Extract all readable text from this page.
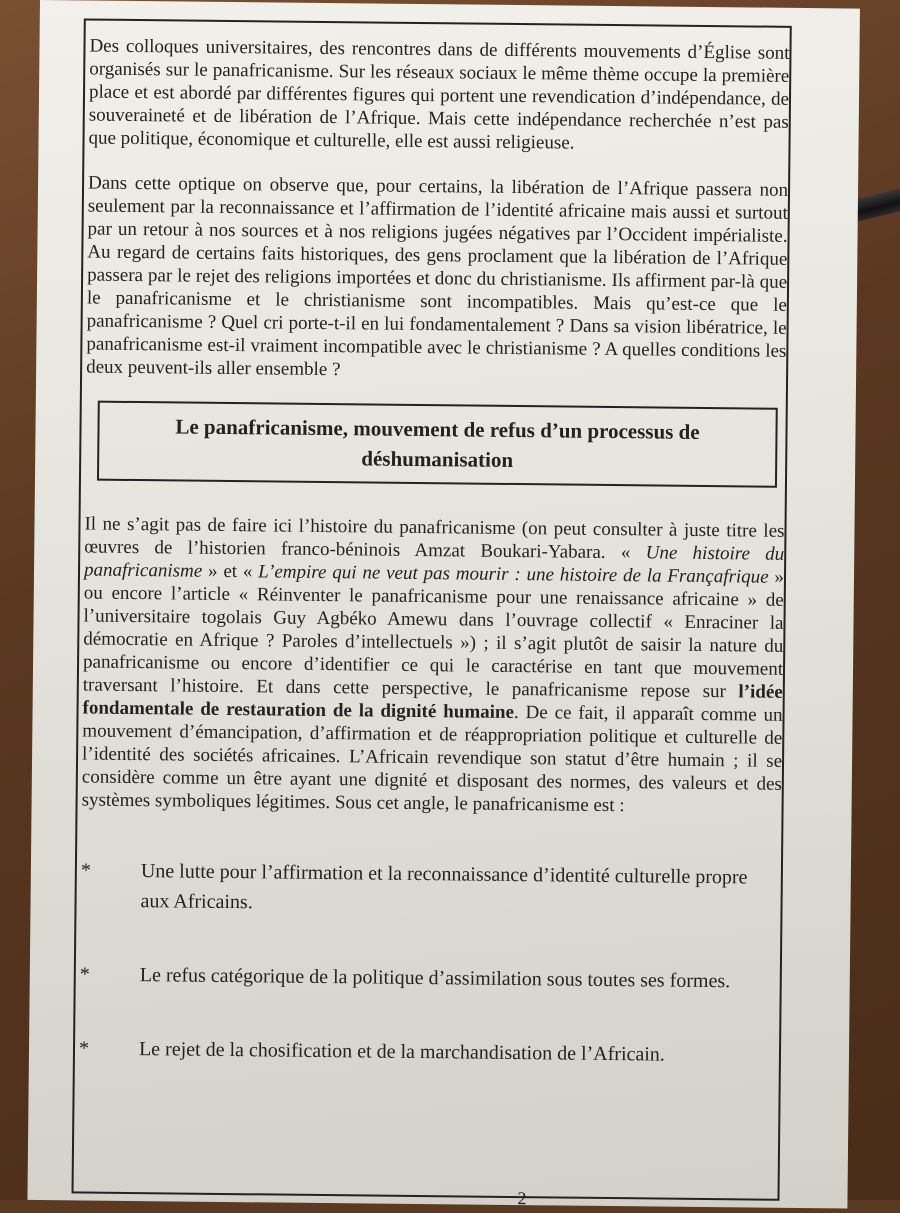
Des colloques universitaires, des rencontres dans de différents mouvements d’Église sont organisés sur le panafricanisme. Sur les réseaux sociaux le même thème occupe la première place et est abordé par différentes figures qui portent une revendication d’indépendance, de souveraineté et de libération de l’Afrique. Mais cette indépendance recherchée n’est pas que politique, économique et culturelle, elle est aussi religieuse.

Dans cette optique on observe que, pour certains, la libération de l’Afrique passera non seulement par la reconnaissance et l’affirmation de l’identité africaine mais aussi et surtout par un retour à nos sources et à nos religions jugées négatives par l’Occident impérialiste. Au regard de certains faits historiques, des gens proclament que la libération de l’Afrique passera par le rejet des religions importées et donc du christianisme. Ils affirment par-là que le panafricanisme et le christianisme sont incompatibles. Mais qu’est-ce que le panafricanisme ? Quel cri porte-t-il en lui fondamentalement ? Dans sa vision libératrice, le panafricanisme est-il vraiment incompatible avec le christianisme ? A quelles conditions les deux peuvent-ils aller ensemble ?

Le panafricanisme, mouvement de refus d’un processus de déshumanisation

Il ne s’agit pas de faire ici l’histoire du panafricanisme (on peut consulter à juste titre les œuvres de l’historien franco-béninois Amzat Boukari-Yabara. « Une histoire du panafricanisme » et « L’empire qui ne veut pas mourir : une histoire de la Françafrique » ou encore l’article « Réinventer le panafricanisme pour une renaissance africaine » de l’universitaire togolais Guy Agbéko Amewu dans l’ouvrage collectif « Enraciner la démocratie en Afrique ? Paroles d’intellectuels ») ; il s’agit plutôt de saisir la nature du panafricanisme ou encore d’identifier ce qui le caractérise en tant que mouvement traversant l’histoire. Et dans cette perspective, le panafricanisme repose sur l’idée fondamentale de restauration de la dignité humaine. De ce fait, il apparaît comme un mouvement d’émancipation, d’affirmation et de réappropriation politique et culturelle de l’identité des sociétés africaines. L’Africain revendique son statut d’être humain ; il se considère comme un être ayant une dignité et disposant des normes, des valeurs et des systèmes symboliques légitimes. Sous cet angle, le panafricanisme est :

*	Une lutte pour l’affirmation et la reconnaissance d’identité culturelle propre aux Africains.
*	Le refus catégorique de la politique d’assimilation sous toutes ses formes.
*	Le rejet de la chosification et de la marchandisation de l’Africain.
2
